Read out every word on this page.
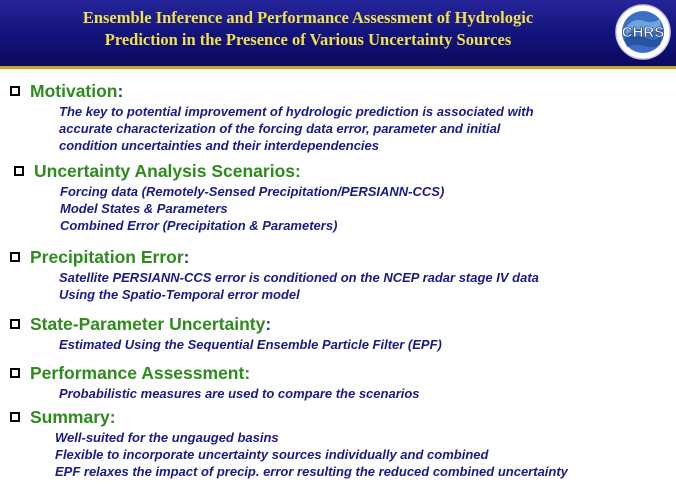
Ensemble Inference and Performance Assessment of Hydrologic
Prediction in the Presence of Various Uncertainty Sources	CHRS
Motivation :
The key to potential improvement of hydrologic prediction is associated with
accurate characterization of the forcing data error, parameter and initial
condition uncertainties and their interdependencies
Uncertainty Analysis Scenarios:
Forcing data (Remotely-Sensed Precipitation/PERSIANN-CCS)
Model States & Parameters
Combined Error (Precipitation & Parameters)
Precipitation Error :
Satellite PERSIANN-CCS error is conditioned on the NCEP radar stage IV data
Using the Spatio-Temporal error model
State-Parameter Uncertainty :
Estimated Using the Sequential Ensemble Particle Filter (EPF)
Performance Assessment:
Probabilistic measures are used to compare the scenarios
Summary:
Well-suited for the ungauged basins
Flexible to incorporate uncertainty sources individually and combined
EPF relaxes the impact of precip. error resulting the reduced combined uncertainty
